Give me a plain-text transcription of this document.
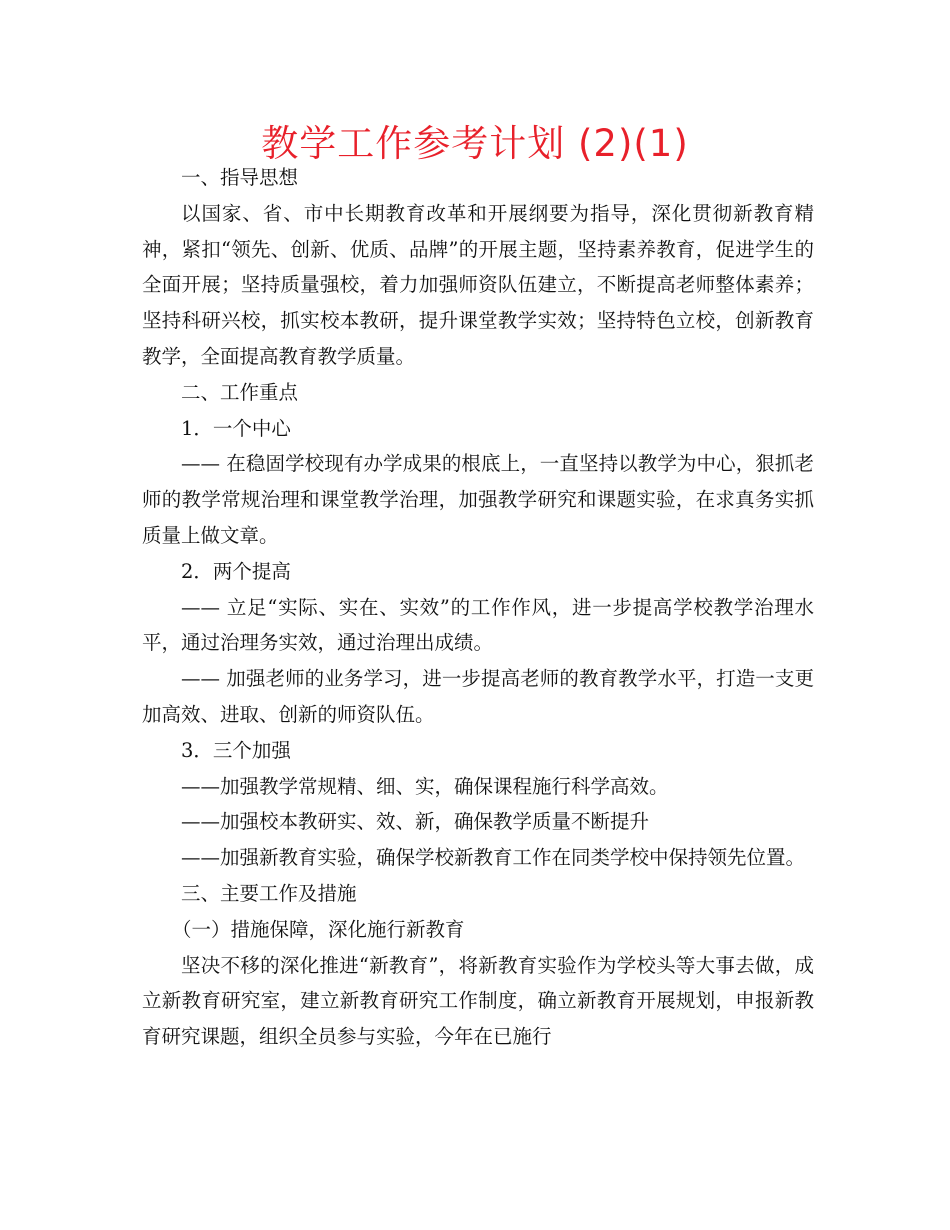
教学工作参考计划 (2)(1)

一、指导思想

以国家、省、市中长期教育改革和开展纲要为指导，深化贯彻新教育精神，紧扣“领先、创新、优质、品牌”的开展主题，坚持素养教育，促进学生的全面开展；坚持质量强校，着力加强师资队伍建立，不断提高老师整体素养；坚持科研兴校，抓实校本教研，提升课堂教学实效；坚持特色立校，创新教育教学，全面提高教育教学质量。

二、工作重点

1．一个中心

—— 在稳固学校现有办学成果的根底上，一直坚持以教学为中心，狠抓老师的教学常规治理和课堂教学治理，加强教学研究和课题实验，在求真务实抓质量上做文章。

2．两个提高

—— 立足“实际、实在、实效”的工作作风，进一步提高学校教学治理水平，通过治理务实效，通过治理出成绩。

—— 加强老师的业务学习，进一步提高老师的教育教学水平，打造一支更加高效、进取、创新的师资队伍。

3．三个加强

——加强教学常规精、细、实，确保课程施行科学高效。

——加强校本教研实、效、新，确保教学质量不断提升

——加强新教育实验，确保学校新教育工作在同类学校中保持领先位置。

三、主要工作及措施

（一）措施保障，深化施行新教育

坚决不移的深化推进“新教育”，将新教育实验作为学校头等大事去做，成立新教育研究室，建立新教育研究工作制度，确立新教育开展规划，申报新教育研究课题，组织全员参与实验，今年在已施行
